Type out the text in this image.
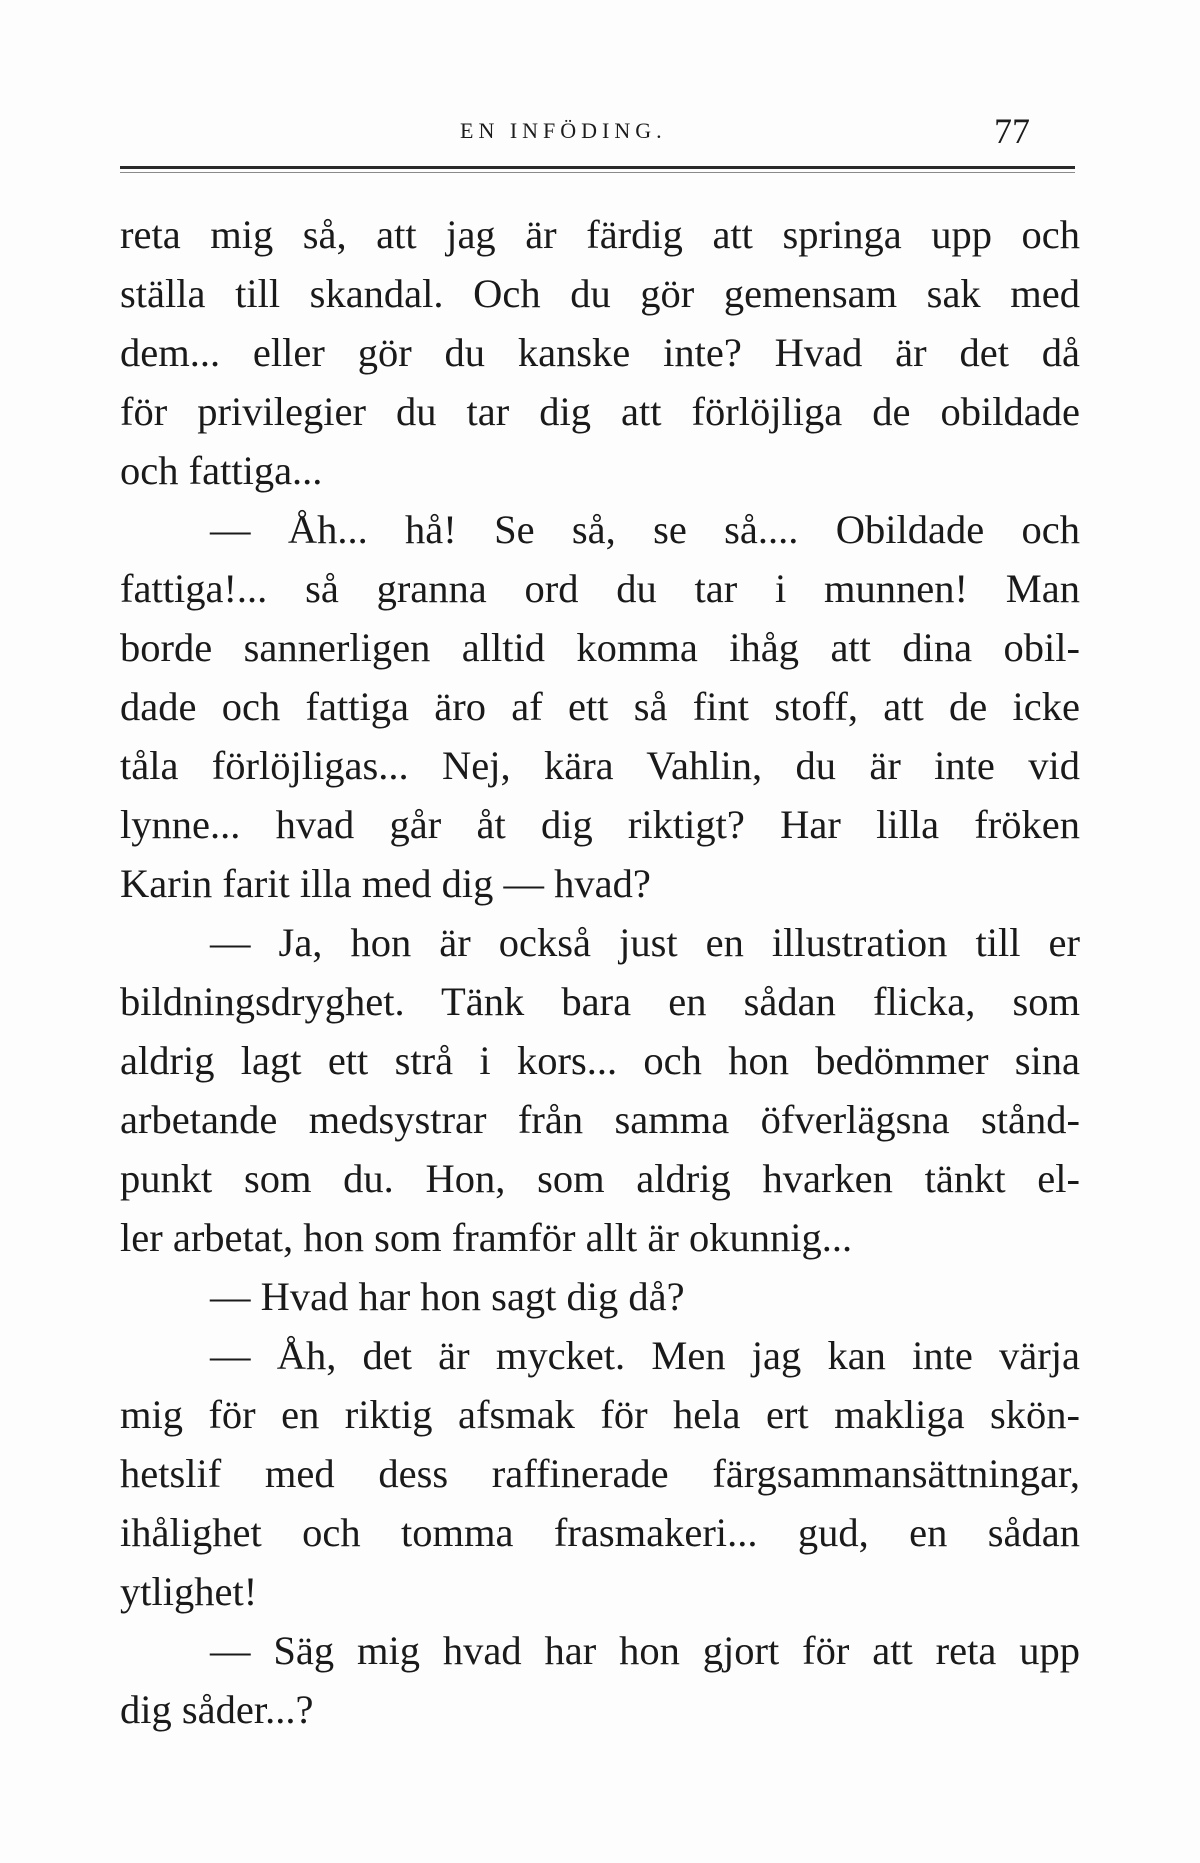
EN INFÖDING.	77
reta mig så, att jag är färdig att springa upp och
ställa till skandal. Och du gör gemensam sak med
dem... eller gör du kanske inte? Hvad är det då
för privilegier du tar dig att förlöjliga de obildade
och fattiga...
— Åh... hå! Se så, se så.... Obildade och
fattiga!... så granna ord du tar i munnen! Man
borde sannerligen alltid komma ihåg att dina obil-
dade och fattiga äro af ett så fint stoff, att de icke
tåla förlöjligas... Nej, kära Vahlin, du är inte vid
lynne... hvad går åt dig riktigt? Har lilla fröken
Karin farit illa med dig — hvad?
— Ja, hon är också just en illustration till er
bildningsdryghet. Tänk bara en sådan flicka, som
aldrig lagt ett strå i kors... och hon bedömmer sina
arbetande medsystrar från samma öfverlägsna stånd-
punkt som du. Hon, som aldrig hvarken tänkt el-
ler arbetat, hon som framför allt är okunnig...
— Hvad har hon sagt dig då?
— Åh, det är mycket. Men jag kan inte värja
mig för en riktig afsmak för hela ert makliga skön-
hetslif med dess raffinerade färgsammansättningar,
ihålighet och tomma frasmakeri... gud, en sådan
ytlighet!
— Säg mig hvad har hon gjort för att reta upp
dig såder...?
